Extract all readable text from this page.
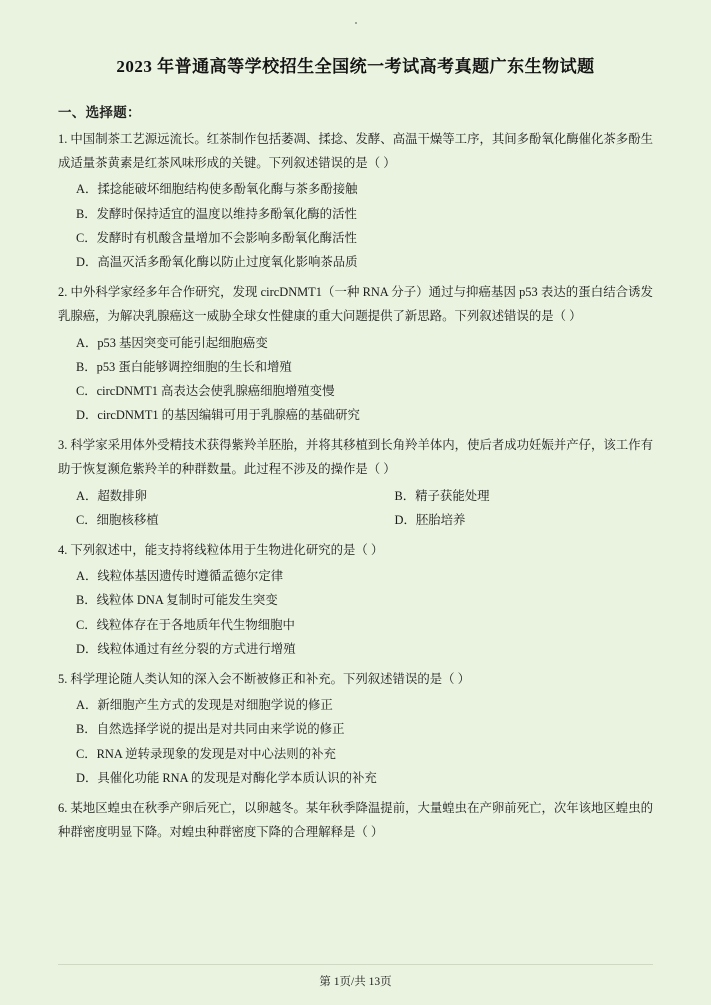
2023 年普通高等学校招生全国统一考试高考真题广东生物试题
一、选择题：

1. 中国制茶工艺源远流长。红茶制作包括萎凋、揉捻、发酵、高温干燥等工序，其间多酚氧化酶催化茶多酚生成适量茶黄素是红茶风味形成的关键。下列叙述错误的是（ ）

A．揉捻能破坏细胞结构使多酚氧化酶与茶多酚接触

B．发酵时保持适宜的温度以维持多酚氧化酶的活性

C．发酵时有机酸含量增加不会影响多酚氧化酶活性

D．高温灭活多酚氧化酶以防止过度氧化影响茶品质

2. 中外科学家经多年合作研究，发现 circDNMT1（一种 RNA 分子）通过与抑癌基因 p53 表达的蛋白结合诱发乳腺癌，为解决乳腺癌这一威胁全球女性健康的重大问题提供了新思路。下列叙述错误的是（ ）

A．p53 基因突变可能引起细胞癌变

B．p53 蛋白能够调控细胞的生长和增殖

C．circDNMT1 高表达会使乳腺癌细胞增殖变慢

D．circDNMT1 的基因编辑可用于乳腺癌的基础研究

3. 科学家采用体外受精技术获得紫羚羊胚胎，并将其移植到长角羚羊体内，使后者成功妊娠并产仔，该工作有助于恢复濒危紫羚羊的种群数量。此过程不涉及的操作是（ ）

A．超数排卵	B．精子获能处理
C．细胞核移植	D．胚胎培养

4. 下列叙述中，能支持将线粒体用于生物进化研究的是（ ）

A．线粒体基因遗传时遵循孟德尔定律

B．线粒体 DNA 复制时可能发生突变

C．线粒体存在于各地质年代生物细胞中

D．线粒体通过有丝分裂的方式进行增殖

5. 科学理论随人类认知的深入会不断被修正和补充。下列叙述错误的是（ ）

A．新细胞产生方式的发现是对细胞学说的修正

B．自然选择学说的提出是对共同由来学说的修正

C．RNA 逆转录现象的发现是对中心法则的补充

D．具催化功能 RNA 的发现是对酶化学本质认识的补充

6. 某地区蝗虫在秋季产卵后死亡，以卵越冬。某年秋季降温提前，大量蝗虫在产卵前死亡，次年该地区蝗虫的种群密度明显下降。对蝗虫种群密度下降的合理解释是（ ）

第 1页/共 13页
